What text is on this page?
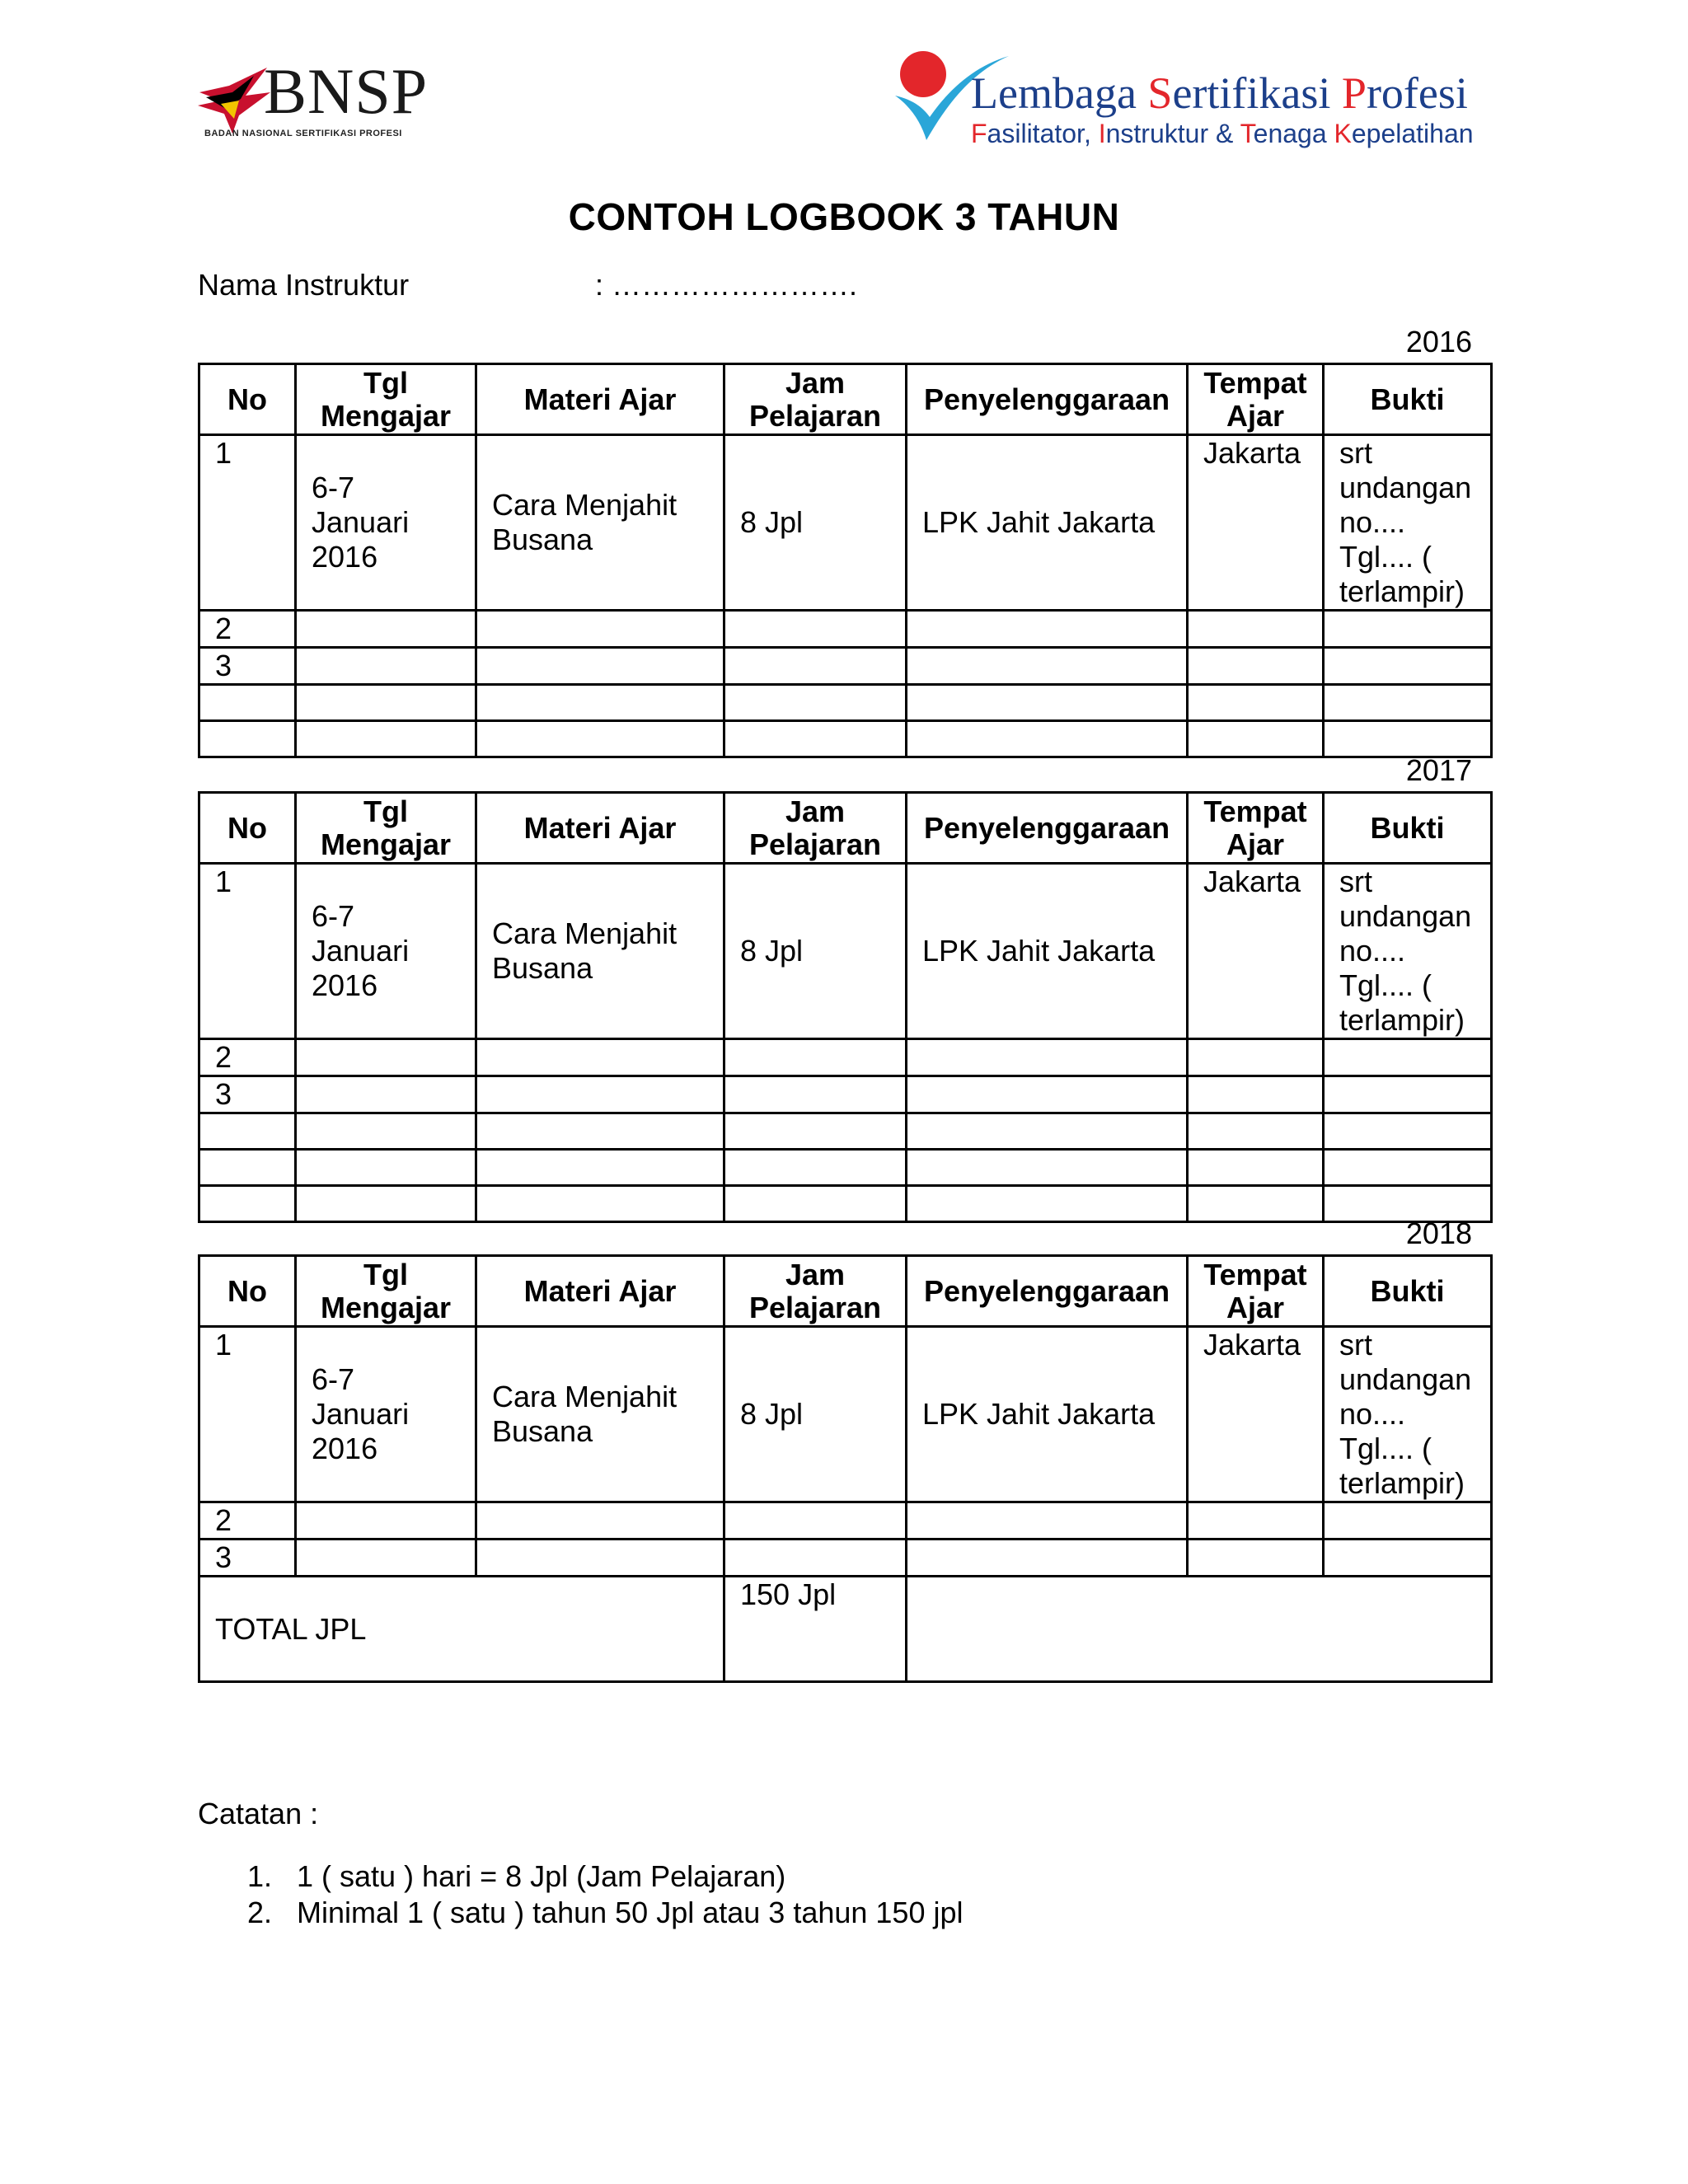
BNSP
BADAN NASIONAL SERTIFIKASI PROFESI
Lembaga Sertifikasi Profesi
Fasilitator, Instruktur & Tenaga Kepelatihan
CONTOH LOGBOOK 3 TAHUN
Nama Instruktur	: …………………….
2016
No	Tgl Mengajar	Materi Ajar	Jam Pelajaran	Penyelenggaraan	Tempat Ajar	Bukti
1	6-7 Januari 2016	Cara Menjahit Busana	8 Jpl	LPK Jahit Jakarta	Jakarta	srt undangan no.... Tgl.... ( terlampir)
2						
3						

2017
No	Tgl Mengajar	Materi Ajar	Jam Pelajaran	Penyelenggaraan	Tempat Ajar	Bukti
1	6-7 Januari 2016	Cara Menjahit Busana	8 Jpl	LPK Jahit Jakarta	Jakarta	srt undangan no.... Tgl.... ( terlampir)
2						
3						

2018
No	Tgl Mengajar	Materi Ajar	Jam Pelajaran	Penyelenggaraan	Tempat Ajar	Bukti
1	6-7 Januari 2016	Cara Menjahit Busana	8 Jpl	LPK Jahit Jakarta	Jakarta	srt undangan no.... Tgl.... ( terlampir)
2						
3						
TOTAL JPL			150 Jpl			
Catatan :
1. 1 ( satu ) hari = 8 Jpl (Jam Pelajaran)
2. Minimal 1 ( satu ) tahun 50 Jpl atau 3 tahun 150 jpl
